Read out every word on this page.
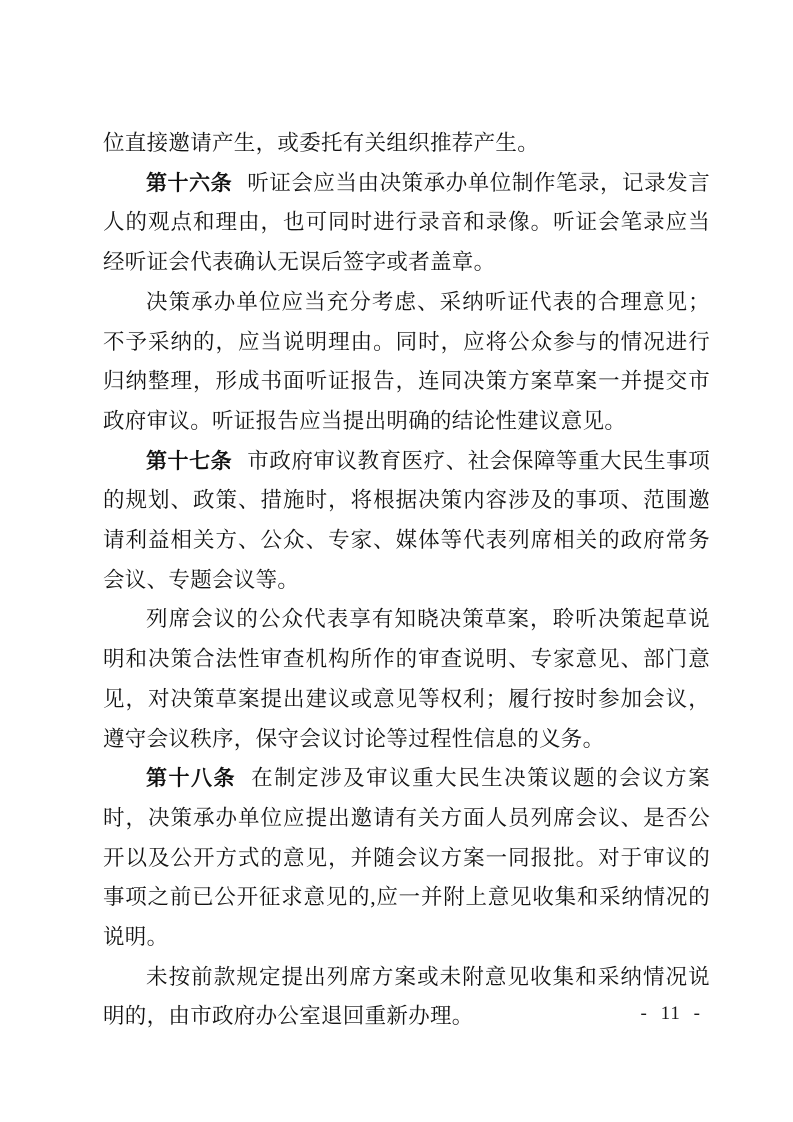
位直接邀请产生，或委托有关组织推荐产生。

第十六条 听证会应当由决策承办单位制作笔录，记录发言人的观点和理由，也可同时进行录音和录像。听证会笔录应当经听证会代表确认无误后签字或者盖章。

决策承办单位应当充分考虑、采纳听证代表的合理意见；不予采纳的，应当说明理由。同时，应将公众参与的情况进行归纳整理，形成书面听证报告，连同决策方案草案一并提交市政府审议。听证报告应当提出明确的结论性建议意见。

第十七条 市政府审议教育医疗、社会保障等重大民生事项的规划、政策、措施时，将根据决策内容涉及的事项、范围邀请利益相关方、公众、专家、媒体等代表列席相关的政府常务会议、专题会议等。

列席会议的公众代表享有知晓决策草案，聆听决策起草说明和决策合法性审查机构所作的审查说明、专家意见、部门意见，对决策草案提出建议或意见等权利；履行按时参加会议，遵守会议秩序，保守会议讨论等过程性信息的义务。

第十八条 在制定涉及审议重大民生决策议题的会议方案时，决策承办单位应提出邀请有关方面人员列席会议、是否公开以及公开方式的意见，并随会议方案一同报批。对于审议的事项之前已公开征求意见的,应一并附上意见收集和采纳情况的说明。

未按前款规定提出列席方案或未附意见收集和采纳情况说明的，由市政府办公室退回重新办理。	- 11 -
